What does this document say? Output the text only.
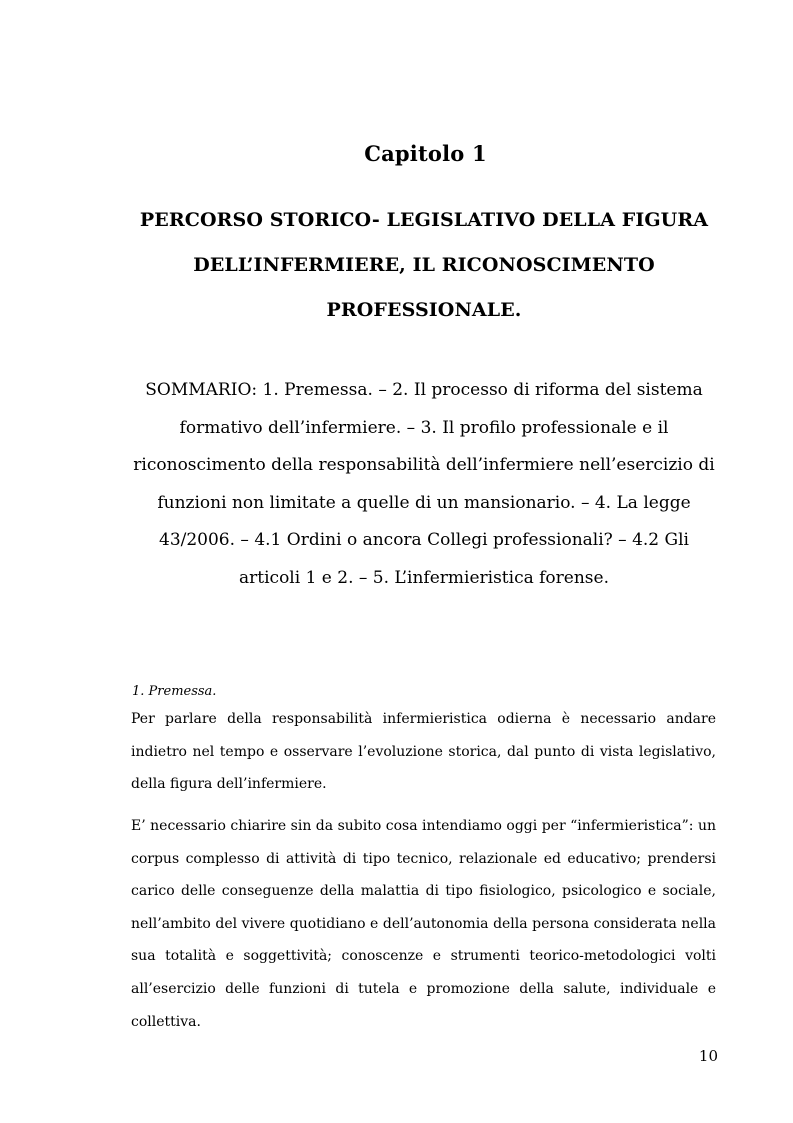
Capitolo 1
PERCORSO STORICO- LEGISLATIVO DELLA FIGURA DELL’INFERMIERE, IL RICONOSCIMENTO PROFESSIONALE.
SOMMARIO: 1. Premessa. – 2. Il processo di riforma del sistema formativo dell’infermiere. – 3. Il profilo professionale e il riconoscimento della responsabilità dell’infermiere nell’esercizio di funzioni non limitate a quelle di un mansionario. – 4. La legge 43/2006. – 4.1 Ordini o ancora Collegi professionali? – 4.2 Gli articoli 1 e 2. – 5. L’infermieristica forense.
1. Premessa.
Per parlare della responsabilità infermieristica odierna è necessario andare indietro nel tempo e osservare l’evoluzione storica, dal punto di vista legislativo, della figura dell’infermiere.
E’ necessario chiarire sin da subito cosa intendiamo oggi per “infermieristica”: un corpus complesso di attività di tipo tecnico, relazionale ed educativo; prendersi carico delle conseguenze della malattia di tipo fisiologico, psicologico e sociale, nell’ambito del vivere quotidiano e dell’autonomia della persona considerata nella sua totalità e soggettività; conoscenze e strumenti teorico-metodologici volti all’esercizio delle funzioni di tutela e promozione della salute, individuale e collettiva.
10
